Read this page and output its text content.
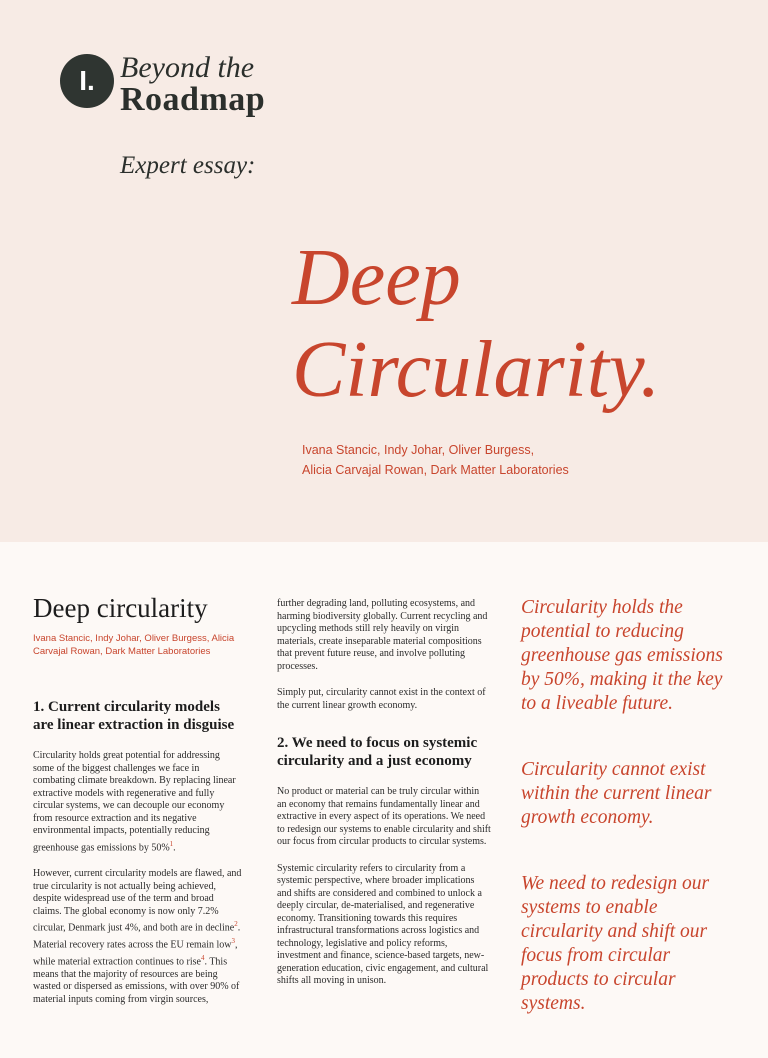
I. Beyond the
Roadmap
Expert essay:
Deep
Circularity.
Ivana Stancic, Indy Johar, Oliver Burgess,
Alicia Carvajal Rowan, Dark Matter Laboratories
Deep circularity
Ivana Stancic, Indy Johar, Oliver Burgess, Alicia Carvajal Rowan, Dark Matter Laboratories
1. Current circularity models are linear extraction in disguise

Circularity holds great potential for addressing some of the biggest challenges we face in combating climate breakdown. By replacing linear extractive models with regenerative and fully circular systems, we can decouple our economy from resource extraction and its negative environmental impacts, potentially reducing greenhouse gas emissions by 50%$^1$.

However, current circularity models are flawed, and true circularity is not actually being achieved, despite widespread use of the term and broad claims. The global economy is now only 7.2% circular, Denmark just 4%, and both are in decline$^2$. Material recovery rates across the EU remain low$^3$, while material extraction continues to rise$^4$. This means that the majority of resources are being wasted or dispersed as emissions, with over 90% of material inputs coming from virgin sources,

further degrading land, polluting ecosystems, and harming biodiversity globally. Current recycling and upcycling methods still rely heavily on virgin materials, create inseparable material compositions that prevent future reuse, and involve polluting processes.

Simply put, circularity cannot exist in the context of the current linear growth economy.

2. We need to focus on systemic circularity and a just economy

No product or material can be truly circular within an economy that remains fundamentally linear and extractive in every aspect of its operations. We need to redesign our systems to enable circularity and shift our focus from circular products to circular systems.

Systemic circularity refers to circularity from a systemic perspective, where broader implications and shifts are considered and combined to unlock a deeply circular, de-materialised, and regenerative economy. Transitioning towards this requires infrastructural transformations across logistics and technology, legislative and policy reforms, investment and finance, science-based targets, new-generation education, civic engagement, and cultural shifts all moving in unison.

Circularity holds the potential to reducing greenhouse gas emissions by 50%, making it the key to a liveable future.
Circularity cannot exist within the current linear growth economy.
We need to redesign our systems to enable circularity and shift our focus from circular products to circular systems.
